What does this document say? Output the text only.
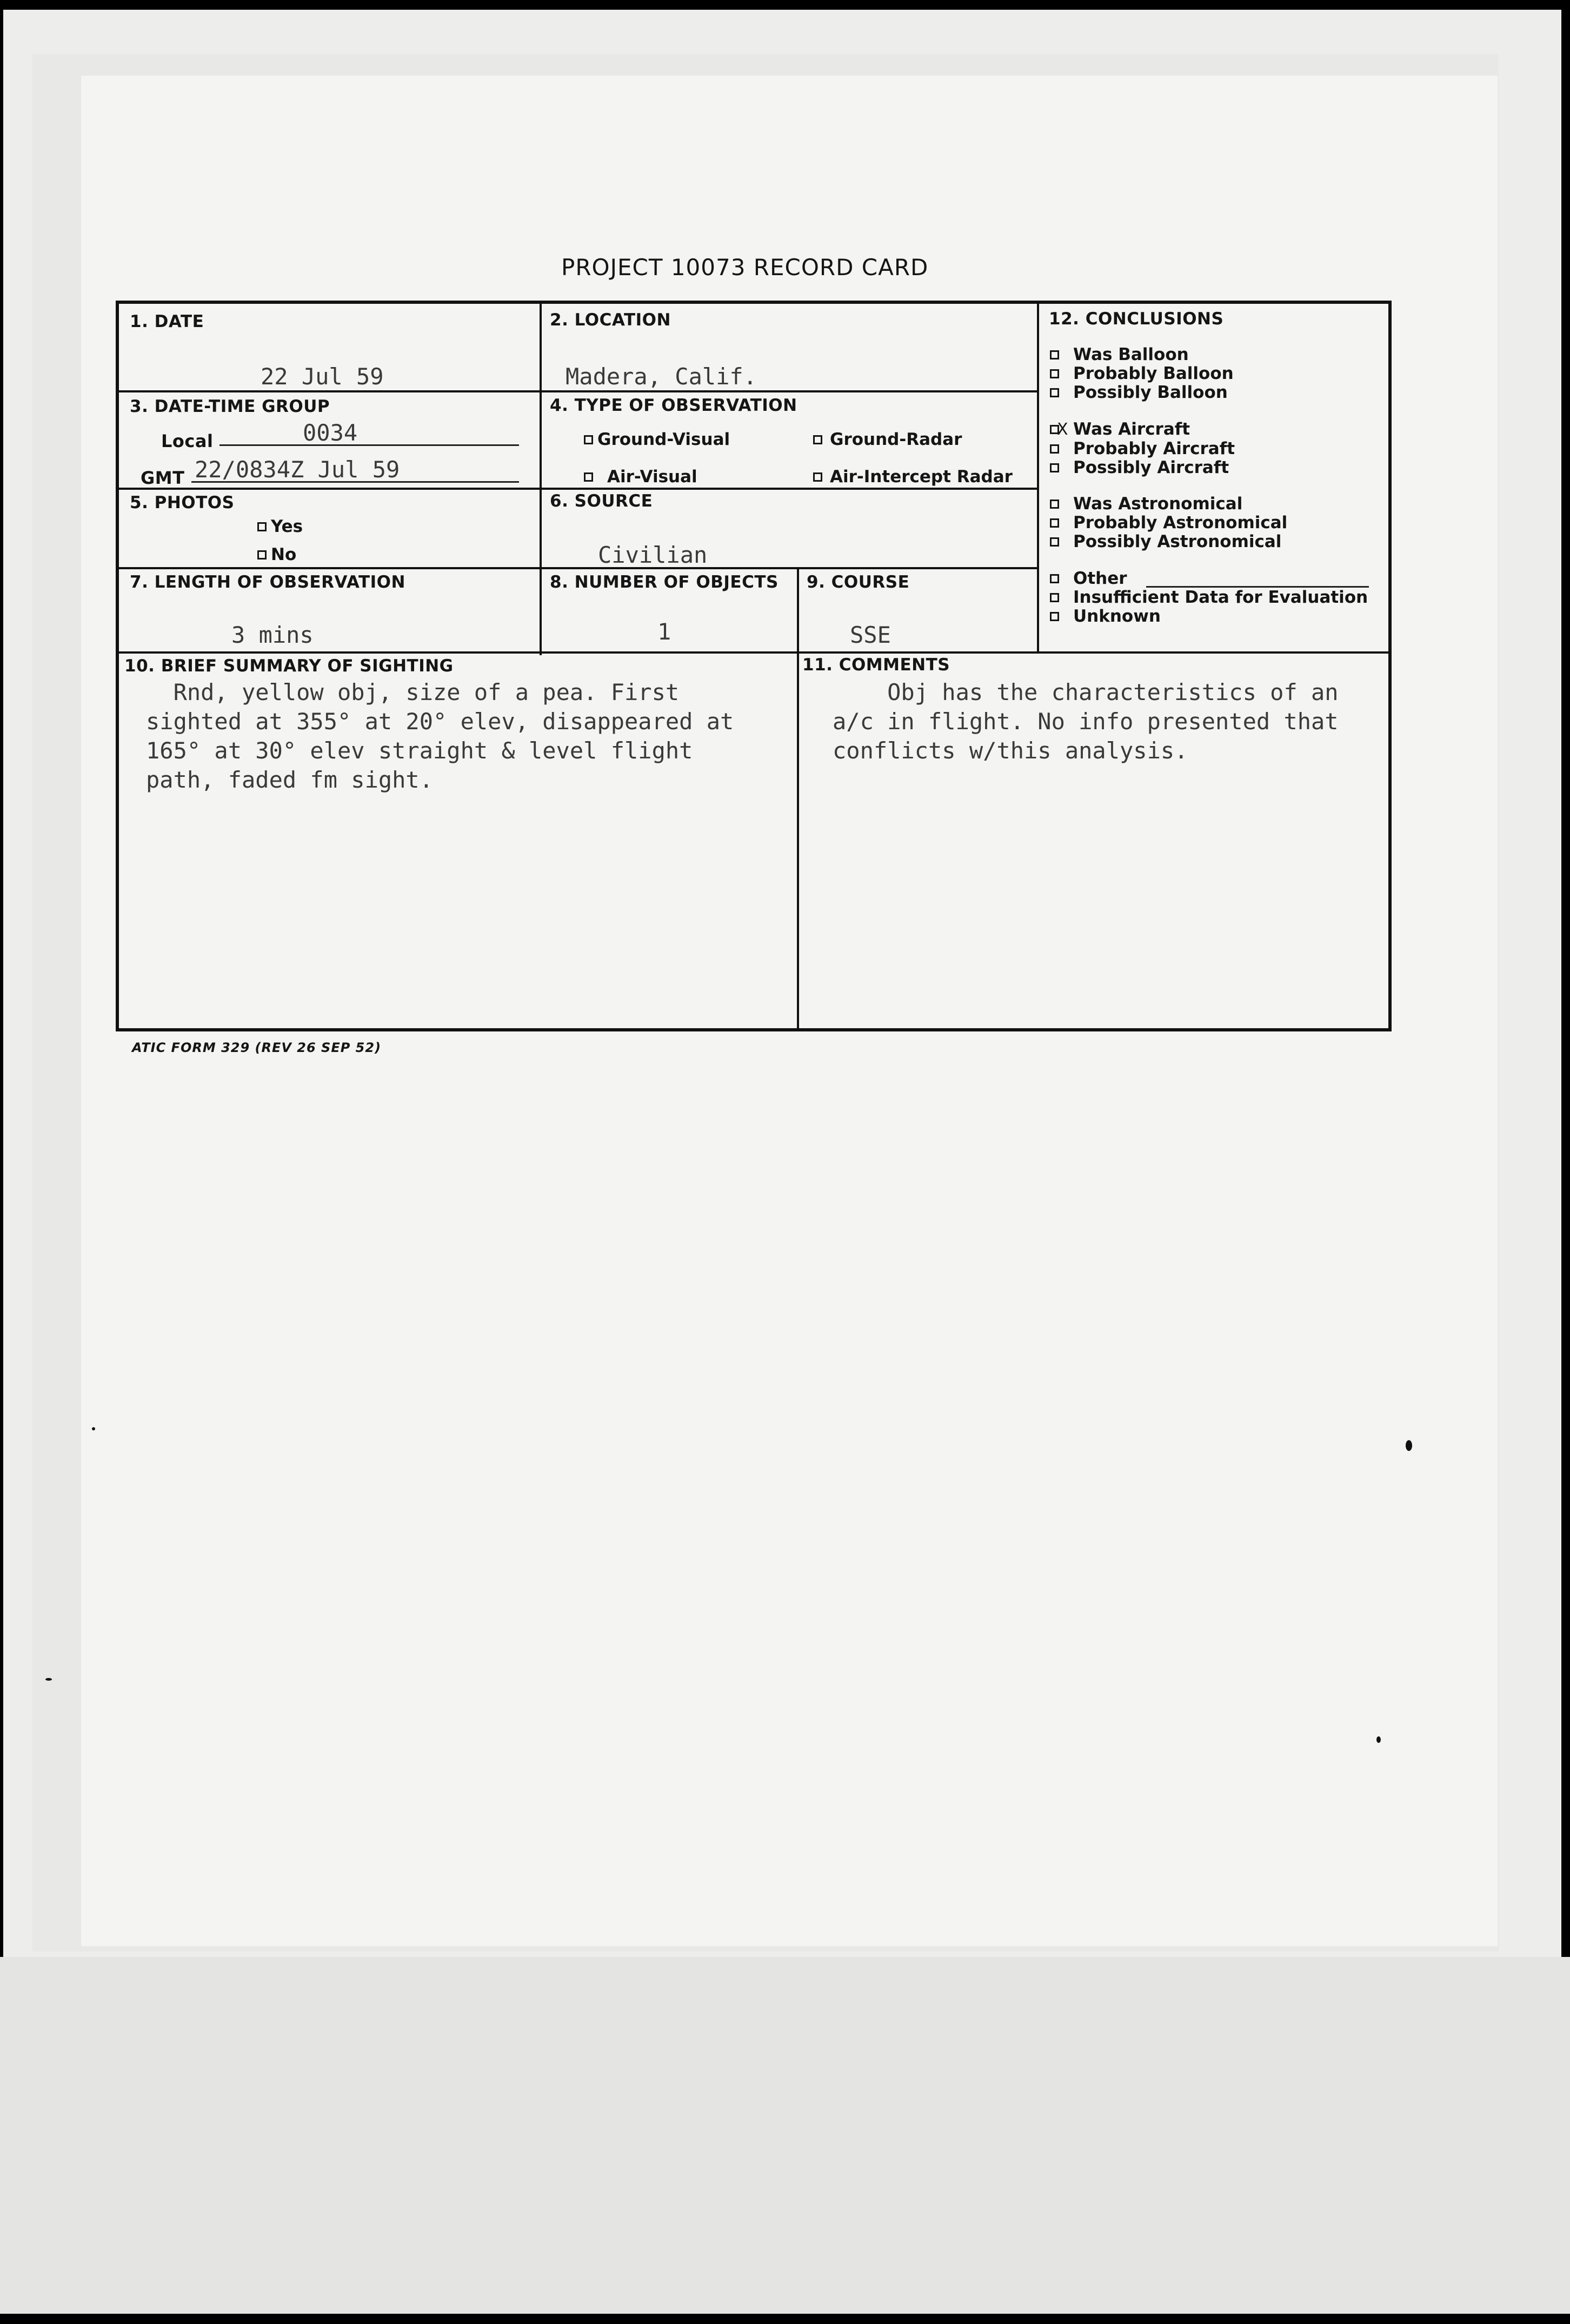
PROJECT 10073 RECORD CARD
1. DATE
22 Jul 59
2. LOCATION
Madera, Calif.
3. DATE-TIME GROUP
Local	0034
GMT 22/0834Z Jul 59
4. TYPE OF OBSERVATION
Ground-Visual	Ground-Radar
Air-Visual	Air-Intercept Radar
5. PHOTOS
Yes
No
6. SOURCE
Civilian
7. LENGTH OF OBSERVATION
3 mins
8. NUMBER OF OBJECTS
1
9. COURSE
SSE
10. BRIEF SUMMARY OF SIGHTING
Rnd, yellow obj, size of a pea. First
sighted at 355° at 20° elev, disappeared at
165° at 30° elev straight & level flight
path, faded fm sight.
11. COMMENTS
Obj has the characteristics of an
a/c in flight. No info presented that
conflicts w/this analysis.
12. CONCLUSIONS
Was Balloon
Probably Balloon
Possibly Balloon
X
Was Aircraft
Probably Aircraft
Possibly Aircraft
Was Astronomical
Probably Astronomical
Possibly Astronomical
Other
Insufficient Data for Evaluation
Unknown
ATIC FORM 329 (REV 26 SEP 52)
